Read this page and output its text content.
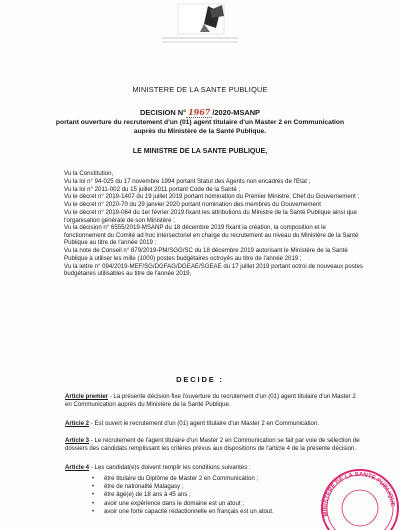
MINISTERE DE LA SANTE PUBLIQUE
DECISION N° 1967 /2020-MSANP
portant ouverture du recrutement d'un (01) agent titulaire d'un Master 2 en Communication
auprès du Ministère de la Santé Publique.
LE MINISTRE DE LA SANTE PUBLIQUE,
Vu la Constitution,
Vu la loi n° 94-025 du 17 novembre 1994 portant Statut des Agents non encadrés de l'Etat ;
Vu la loi n° 2011-002 du 15 juillet 2011 portant Code de la Santé ;
Vu le décret n° 2019-1407 du 19 juillet 2019 portant nomination du Premier Ministre, Chef du Gouvernement ;
Vu le décret n° 2020-70 du 29 janvier 2020 portant nomination des membres du Gouvernement
Vu le décret n° 2019-064 du 1er février 2019 fixant les attributions du Ministre de la Santé Publique ainsi que l'organisation générale de son Ministère ;
Vu la décision n° 6555/2019-MSANP du 18 décembre 2019 fixant la création, la composition et le fonctionnement du Comité ad hoc intersectoriel en charge du recrutement au niveau du Ministère de la Santé Publique au titre de l'année 2019 ;
Vu la note de Conseil n° 879/2019-PM/SGG/SC du 18 décembre 2019 autorisant le Ministère de la Santé Publique à utiliser les mille (1000) postes budgétaires octroyés au titre de l'année 2019 ;
Vu la lettre n° 094/2019-MEF/SG/DGFAG/DGEAE/SGEAE du 17 juillet 2019 portant octroi de nouveaux postes budgétaires utilisables au titre de l'année 2019,
DECIDE :
Article premier - La présente décision fixe l'ouverture du recrutement d'un (01) agent titulaire d'un Master 2 en Communication auprès du Ministère de la Santé Publique.
Article 2 - Est ouvert le recrutement d'un (01) agent titulaire d'un Master 2 en Communication.
Article 3 - Le recrutement de l'agent titulaire d'un Master 2 en Communication se fait par voie de sélection de dossiers des candidats remplissant les critères prévus aux dispositions de l'article 4 de la présente décision.
Article 4 - Les candidat(e)s doivent remplir les conditions suivantes :
• être titulaire du Diplôme de Master 2 en Communication ;
• être de nationalité Malagasy ;
• être âgé(e) de 18 ans à 45 ans ;
• avoir une expérience dans le domaine est un atout ;
• avoir une forte capacité rédactionnelle en français est un atout.	MINISTERE DE LA SANTE PUBLIQUE
